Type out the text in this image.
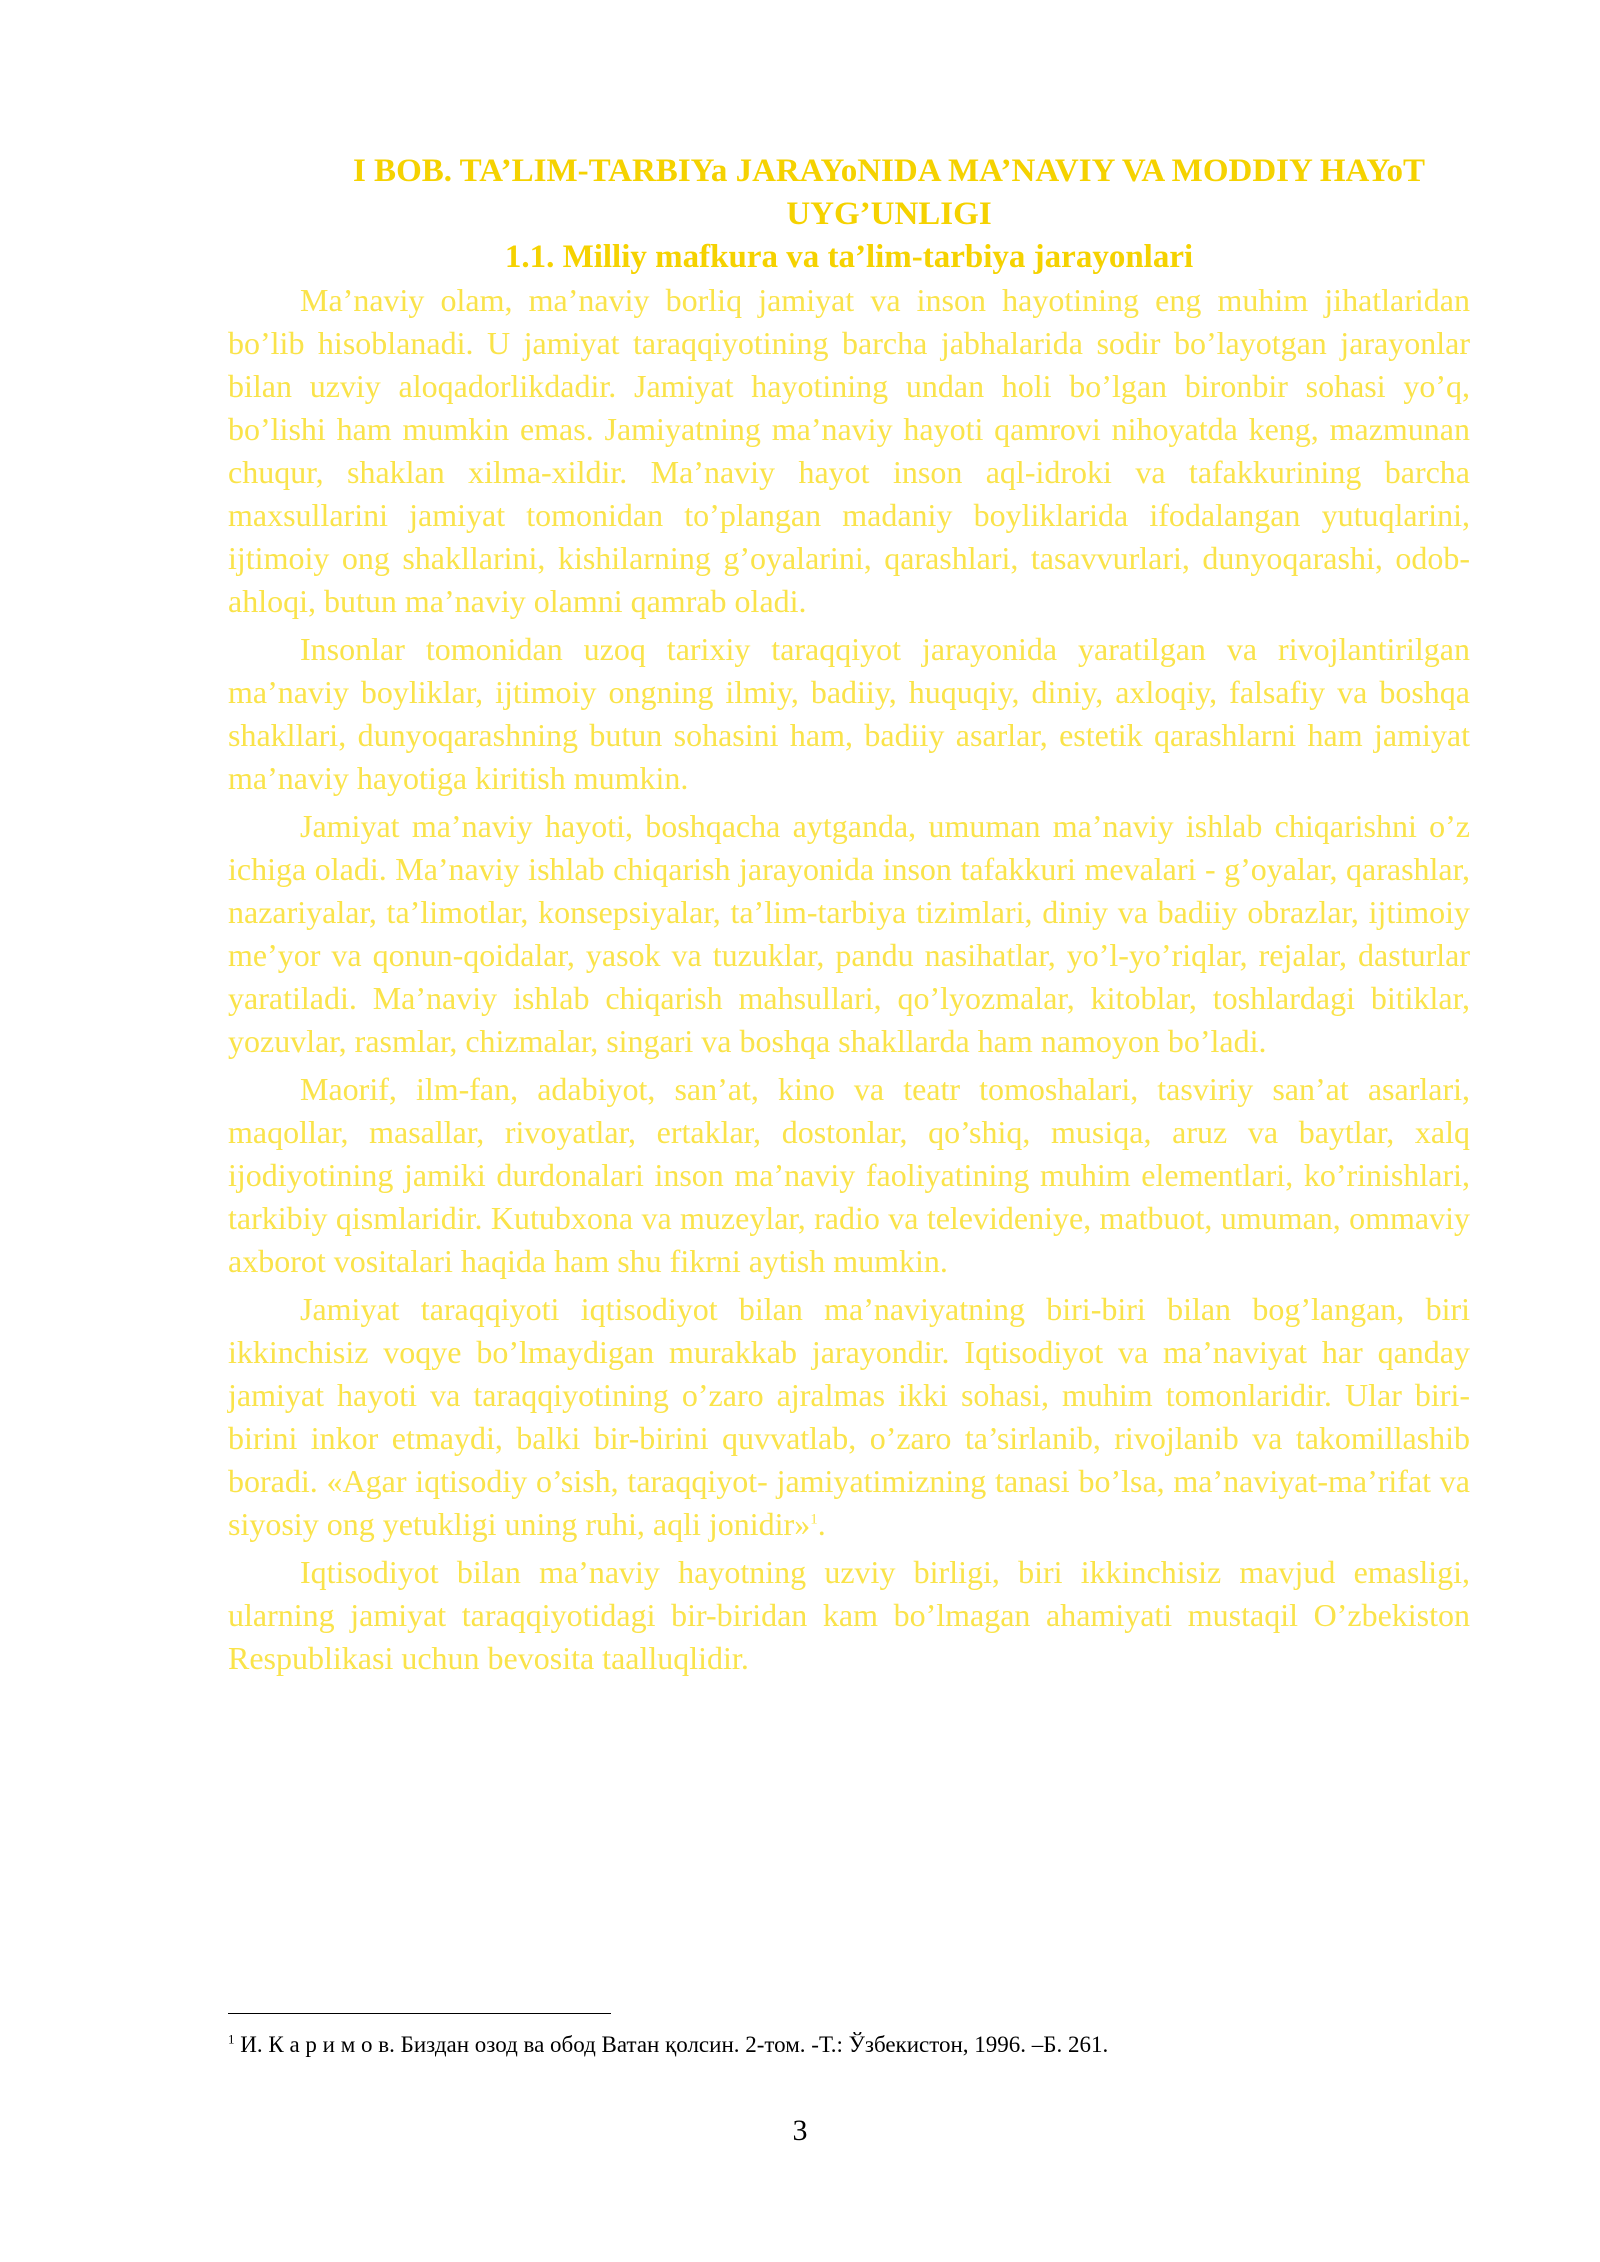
I BOB. TA’LIM-TARBIYa JARAYoNIDA MA’NAVIY VA MODDIY HAYoT UYG’UNLIGI
1.1. Milliy mafkura va ta’lim-tarbiya jarayonlari

Ma’naviy olam, ma’naviy borliq jamiyat va inson hayotining eng muhim jihatlaridan bo’lib hisoblanadi. U jamiyat taraqqiyotining barcha jabhalarida sodir bo’layotgan jarayonlar bilan uzviy aloqadorlikdadir. Jamiyat hayotining undan holi bo’lgan bironbir sohasi yo’q, bo’lishi ham mumkin emas. Jamiyatning ma’naviy hayoti qamrovi nihoyatda keng, mazmunan chuqur, shaklan xilma-xildir. Ma’naviy hayot inson aql-idroki va tafakkurining barcha maxsullarini jamiyat tomonidan to’plangan madaniy boyliklarida ifodalangan yutuqlarini, ijtimoiy ong shakllarini, kishilarning g’oyalarini, qarashlari, tasavvurlari, dunyoqarashi, odob-ahloqi, butun ma’naviy olamni qamrab oladi.

Insonlar tomonidan uzoq tarixiy taraqqiyot jarayonida yaratilgan va rivojlantirilgan ma’naviy boyliklar, ijtimoiy ongning ilmiy, badiiy, huquqiy, diniy, axloqiy, falsafiy va boshqa shakllari, dunyoqarashning butun sohasini ham, badiiy asarlar, estetik qarashlarni ham jamiyat ma’naviy hayotiga kiritish mumkin.

Jamiyat ma’naviy hayoti, boshqacha aytganda, umuman ma’naviy ishlab chiqarishni o’z ichiga oladi. Ma’naviy ishlab chiqarish jarayonida inson tafakkuri mevalari - g’oyalar, qarashlar, nazariyalar, ta’limotlar, konsepsiyalar, ta’lim-tarbiya tizimlari, diniy va badiiy obrazlar, ijtimoiy me’yor va qonun-qoidalar, yasok va tuzuklar, pandu nasihatlar, yo’l-yo’riqlar, rejalar, dasturlar yaratiladi. Ma’naviy ishlab chiqarish mahsullari, qo’lyozmalar, kitoblar, toshlardagi bitiklar, yozuvlar, rasmlar, chizmalar, singari va boshqa shakllarda ham namoyon bo’ladi.

Maorif, ilm-fan, adabiyot, san’at, kino va teatr tomoshalari, tasviriy san’at asarlari, maqollar, masallar, rivoyatlar, ertaklar, dostonlar, qo’shiq, musiqa, aruz va baytlar, xalq ijodiyotining jamiki durdonalari inson ma’naviy faoliyatining muhim elementlari, ko’rinishlari, tarkibiy qismlaridir. Kutubxona va muzeylar, radio va televideniye, matbuot, umuman, ommaviy axborot vositalari haqida ham shu fikrni aytish mumkin.

Jamiyat taraqqiyoti iqtisodiyot bilan ma’naviyatning biri-biri bilan bog’langan, biri ikkinchisiz voqye bo’lmaydigan murakkab jarayondir. Iqtisodiyot va ma’naviyat har qanday jamiyat hayoti va taraqqiyotining o’zaro ajralmas ikki sohasi, muhim tomonlaridir. Ular biri-birini inkor etmaydi, balki bir-birini quvvatlab, o’zaro ta’sirlanib, rivojlanib va takomillashib boradi. «Agar iqtisodiy o’sish, taraqqiyot- jamiyatimizning tanasi bo’lsa, ma’naviyat-ma’rifat va siyosiy ong yetukligi uning ruhi, aqli jonidir»$^1$.

Iqtisodiyot bilan ma’naviy hayotning uzviy birligi, biri ikkinchisiz mavjud emasligi, ularning jamiyat taraqqiyotidagi bir-biridan kam bo’lmagan ahamiyati mustaqil O’zbekiston Respublikasi uchun bevosita taalluqlidir.

$^1$ И. К а р и м о в. Биздан озод ва обод Ватан қолсин. 2-том. -Т.: Ўзбекистон, 1996. –Б. 261.
3
